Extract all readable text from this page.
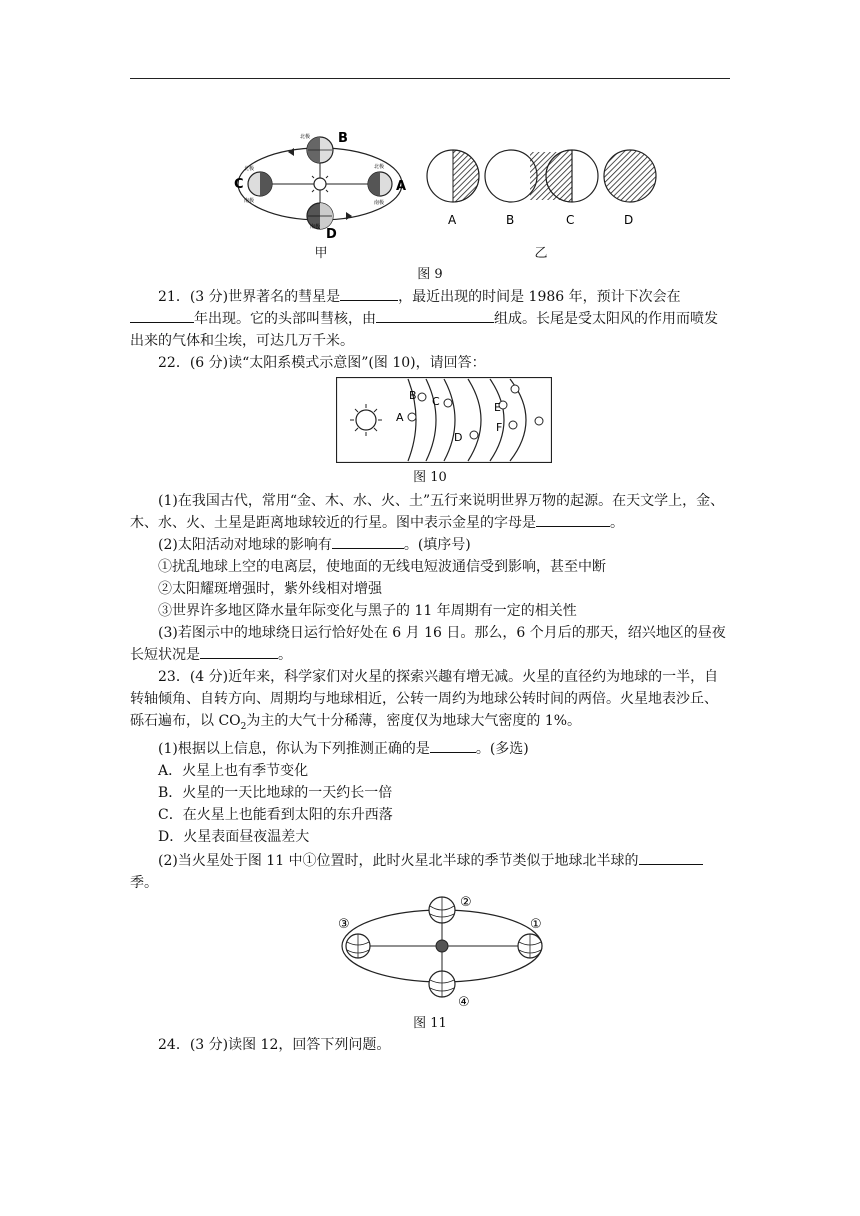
B
C	A
D
北极
南极
北极
南极
北极
南极
甲
A	B	C	D
乙
图 9
21．(3 分)世界著名的彗星是	，最近出现的时间是 1986 年，预计下次会在年出现。它的头部叫彗核，由	组成。长尾是受太阳风的作用而喷发出来的气体和尘埃，可达几万千米。
22．(6 分)读“太阳系模式示意图”(图 10)，请回答：
A
B C
D
E
F
图 10
(1)在我国古代，常用“金、木、水、火、土”五行来说明世界万物的起源。在天文学上，金、木、水、火、土星是距离地球较近的行星。图中表示金星的字母是	。
(2)太阳活动对地球的影响有	。(填序号)
①扰乱地球上空的电离层，使地面的无线电短波通信受到影响，甚至中断
②太阳耀斑增强时，紫外线相对增强
③世界许多地区降水量年际变化与黑子的 11 年周期有一定的相关性
(3)若图示中的地球绕日运行恰好处在 6 月 16 日。那么，6 个月后的那天，绍兴地区的昼夜长短状况是	。
23．(4 分)近年来，科学家们对火星的探索兴趣有增无减。火星的直径约为地球的一半，自转轴倾角、自转方向、周期均与地球相近，公转一周约为地球公转时间的两倍。火星地表沙丘、砾石遍布，以 $CO_2$为主的大气十分稀薄，密度仅为地球大气密度的 1%。
(1)根据以上信息，你认为下列推测正确的是	。(多选)
A．火星上也有季节变化
B．火星的一天比地球的一天约长一倍
C．在火星上也能看到太阳的东升西落
D．火星表面昼夜温差大
(2)当火星处于图 11 中①位置时，此时火星北半球的季节类似于地球北半球的季。
①
②
③
④
图 11
24．(3 分)读图 12，回答下列问题。
